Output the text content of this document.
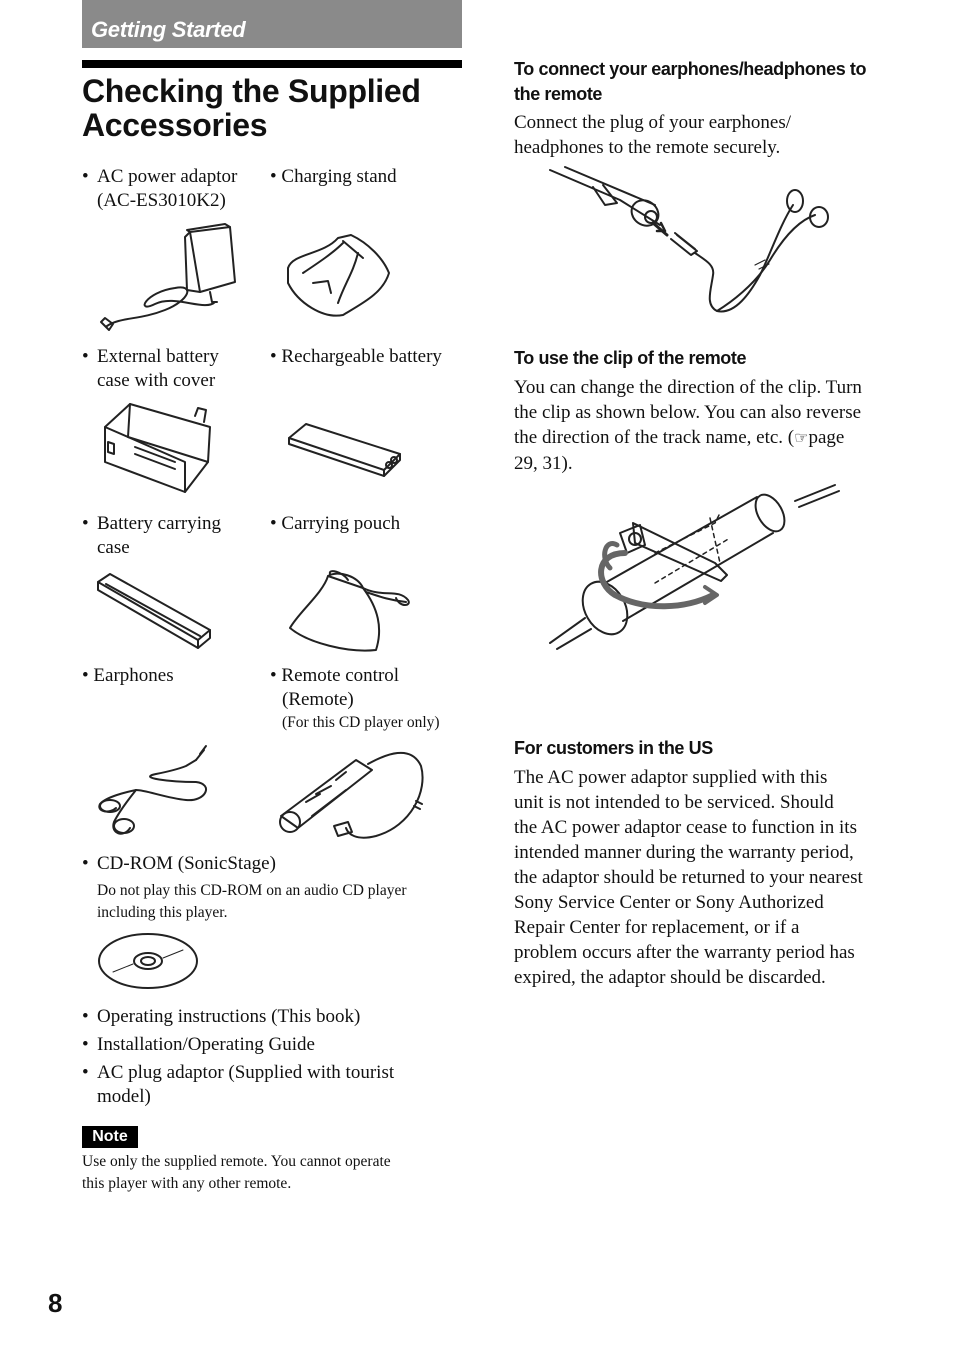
Getting Started
Checking the Supplied
Accessories
• AC power adaptor
(AC-ES3010K2)
• Charging stand
• External battery
case with cover
• Rechargeable battery
• Battery carrying
case
• Carrying pouch
• Earphones	• Remote control
(Remote)
(For this CD player only)
• CD-ROM (SonicStage)
Do not play this CD-ROM on an audio CD player
including this player.
• Operating instructions (This book)
• Installation/Operating Guide
• AC plug adaptor (Supplied with tourist
model)
Note
Use only the supplied remote. You cannot operate
this player with any other remote.
To connect your earphones/headphones to
the remote
Connect the plug of your earphones/
headphones to the remote securely.
To use the clip of the remote
You can change the direction of the clip. Turn
the clip as shown below. You can also reverse
the direction of the track name, etc. (☞page
29, 31).
For customers in the US
The AC power adaptor supplied with this
unit is not intended to be serviced. Should
the AC power adaptor cease to function in its
intended manner during the warranty period,
the adaptor should be returned to your nearest
Sony Service Center or Sony Authorized
Repair Center for replacement, or if a
problem occurs after the warranty period has
expired, the adaptor should be discarded.
8
